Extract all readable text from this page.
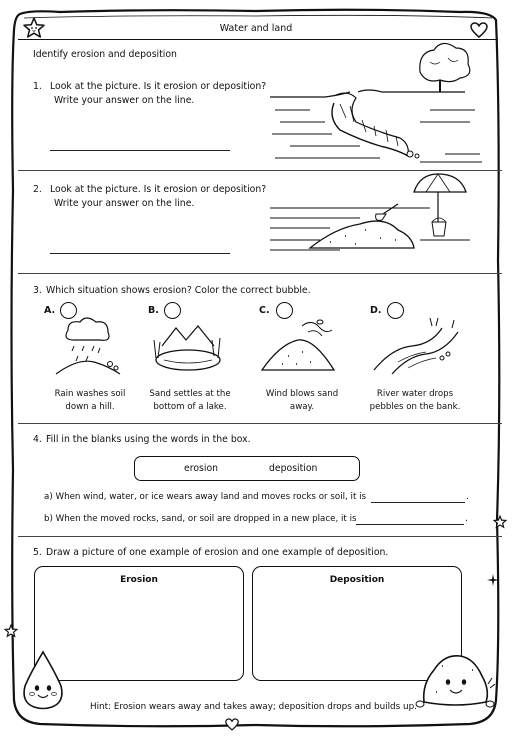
Water and land
Identify erosion and deposition
1. Look at the picture. Is it erosion or deposition?
Write your answer on the line.
2. Look at the picture. Is it erosion or deposition?
Write your answer on the line.
3. Which situation shows erosion? Color the correct bubble.
A.
Rain washes soil
down a hill.
B.
Sand settles at the
bottom of a lake.
C.
Wind blows sand
away.
D.
River water drops
pebbles on the bank.
4. Fill in the blanks using the words in the box.
erosion	deposition
a) When wind, water, or ice wears away land and moves rocks or soil, it is	.
b) When the moved rocks, sand, or soil are dropped in a new place, it is	.
5. Draw a picture of one example of erosion and one example of deposition.
Erosion	Deposition
Hint: Erosion wears away and takes away; deposition drops and builds up.
